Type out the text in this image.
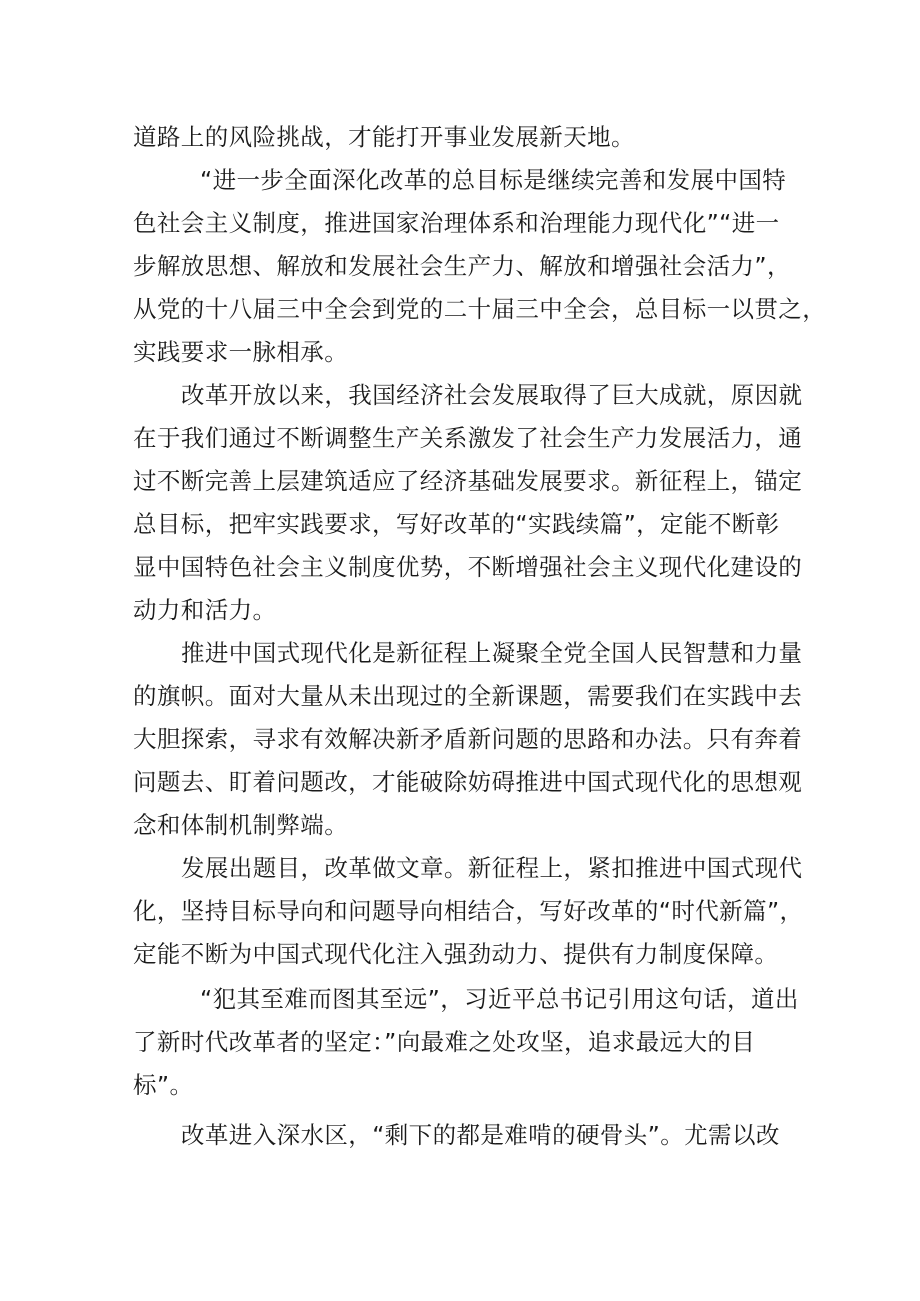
道路上的风险挑战，才能打开事业发展新天地。
“进一步全面深化改革的总目标是继续完善和发展中国特
色社会主义制度，推进国家治理体系和治理能力现代化”“进一
步解放思想、解放和发展社会生产力、解放和增强社会活力”，
从党的十八届三中全会到党的二十届三中全会，总目标一以贯之，
实践要求一脉相承。
改革开放以来，我国经济社会发展取得了巨大成就，原因就
在于我们通过不断调整生产关系激发了社会生产力发展活力，通
过不断完善上层建筑适应了经济基础发展要求。新征程上，锚定
总目标，把牢实践要求，写好改革的“实践续篇”，定能不断彰
显中国特色社会主义制度优势，不断增强社会主义现代化建设的
动力和活力。
推进中国式现代化是新征程上凝聚全党全国人民智慧和力量
的旗帜。面对大量从未出现过的全新课题，需要我们在实践中去
大胆探索，寻求有效解决新矛盾新问题的思路和办法。只有奔着
问题去、盯着问题改，才能破除妨碍推进中国式现代化的思想观
念和体制机制弊端。
发展出题目，改革做文章。新征程上，紧扣推进中国式现代
化，坚持目标导向和问题导向相结合，写好改革的“时代新篇”，
定能不断为中国式现代化注入强劲动力、提供有力制度保障。
“犯其至难而图其至远”，习近平总书记引用这句话，道出
了新时代改革者的坚定：”向最难之处攻坚，追求最远大的目
标”。
改革进入深水区，“剩下的都是难啃的硬骨头”。尤需以改
